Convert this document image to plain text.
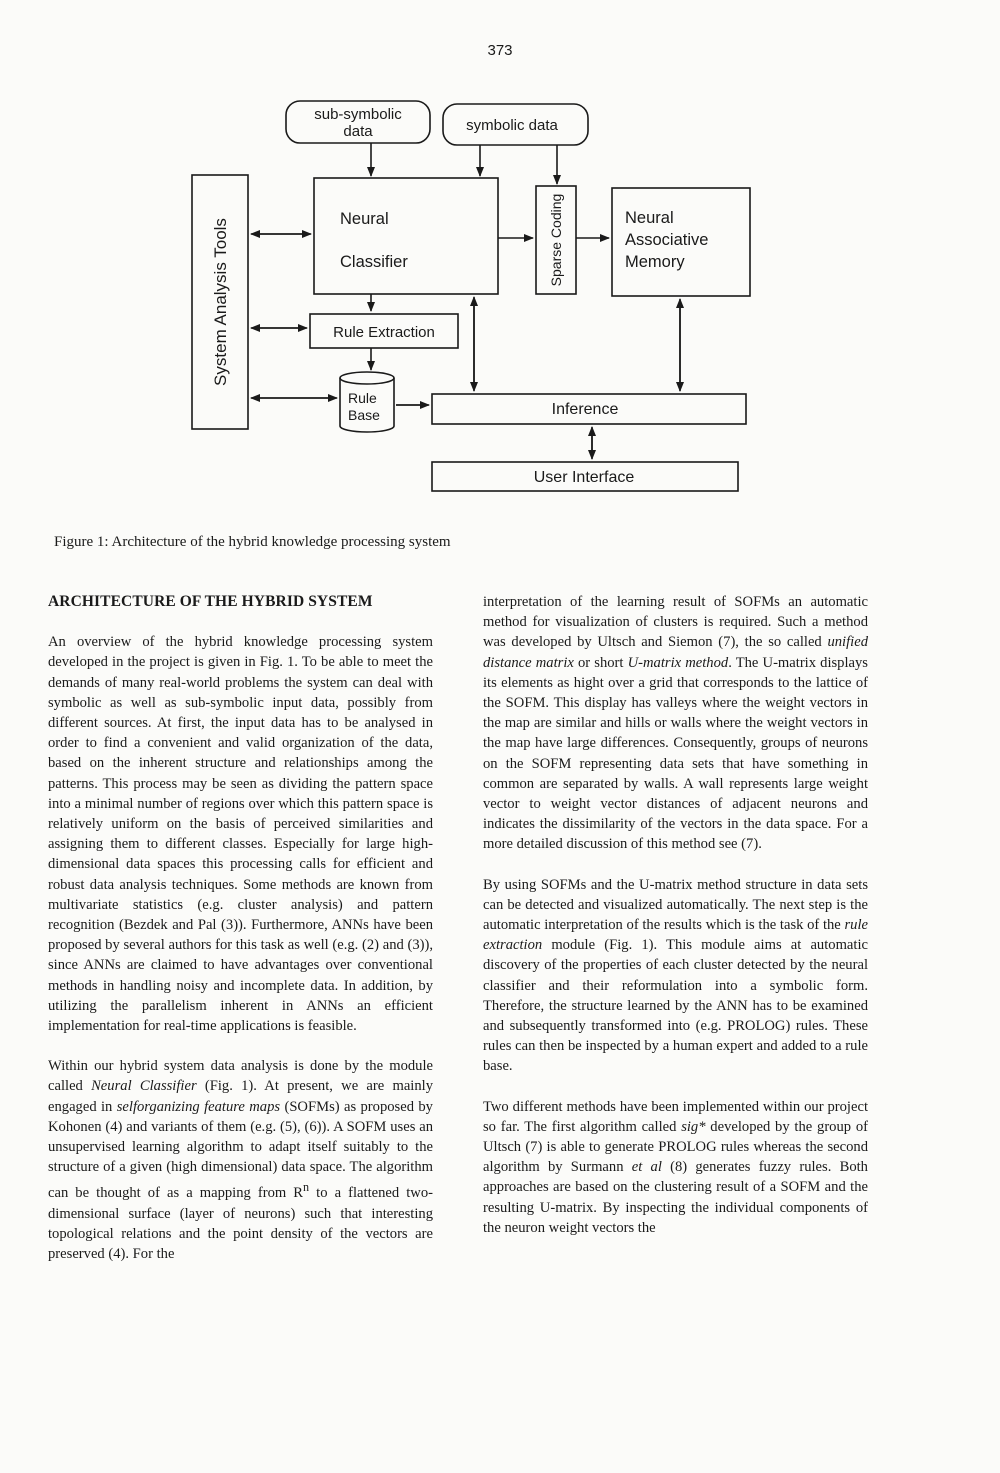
373
sub-symbolic
data	symbolic data
System Analysis Tools	Neural
Classifier	Sparse Coding	Neural
Associative
Memory
Rule Extraction
Rule
Base	Inference
User Interface
Figure 1: Architecture of the hybrid knowledge processing system
ARCHITECTURE OF THE HYBRID SYSTEM

An overview of the hybrid knowledge processing system developed in the project is given in Fig. 1. To be able to meet the demands of many real-world problems the system can deal with symbolic as well as sub-symbolic input data, possibly from different sources. At first, the input data has to be analysed in order to find a convenient and valid organization of the data, based on the inherent structure and relationships among the patterns. This process may be seen as dividing the pattern space into a minimal number of regions over which this pattern space is relatively uniform on the basis of perceived similarities and assigning them to different classes. Especially for large high-dimensional data spaces this processing calls for efficient and robust data analysis techniques. Some methods are known from multivariate statistics (e.g. cluster analysis) and pattern recognition (Bezdek and Pal (3)). Furthermore, ANNs have been proposed by several authors for this task as well (e.g. (2) and (3)), since ANNs are claimed to have advantages over conventional methods in handling noisy and incomplete data. In addition, by utilizing the parallelism inherent in ANNs an efficient implementation for real-time applications is feasible.

Within our hybrid system data analysis is done by the module called Neural Classifier (Fig. 1). At present, we are mainly engaged in selforganizing feature maps (SOFMs) as proposed by Kohonen (4) and variants of them (e.g. (5), (6)). A SOFM uses an unsupervised learning algorithm to adapt itself suitably to the structure of a given (high dimensional) data space. The algorithm can be thought of as a mapping from $R^n$ to a flattened two-dimensional surface (layer of neurons) such that interesting topological relations and the point density of the vectors are preserved (4). For the

interpretation of the learning result of SOFMs an automatic method for visualization of clusters is required. Such a method was developed by Ultsch and Siemon (7), the so called unified distance matrix or short U-matrix method. The U-matrix displays its elements as hight over a grid that corresponds to the lattice of the SOFM. This display has valleys where the weight vectors in the map are similar and hills or walls where the weight vectors in the map have large differences. Consequently, groups of neurons on the SOFM representing data sets that have something in common are separated by walls. A wall represents large weight vector to weight vector distances of adjacent neurons and indicates the dissimilarity of the vectors in the data space. For a more detailed discussion of this method see (7).

By using SOFMs and the U-matrix method structure in data sets can be detected and visualized automatically. The next step is the automatic interpretation of the results which is the task of the rule extraction module (Fig. 1). This module aims at automatic discovery of the properties of each cluster detected by the neural classifier and their reformulation into a symbolic form. Therefore, the structure learned by the ANN has to be examined and subsequently transformed into (e.g. PROLOG) rules. These rules can then be inspected by a human expert and added to a rule base.

Two different methods have been implemented within our project so far. The first algorithm called sig* developed by the group of Ultsch (7) is able to generate PROLOG rules whereas the second algorithm by Surmann et al (8) generates fuzzy rules. Both approaches are based on the clustering result of a SOFM and the resulting U-matrix. By inspecting the individual components of the neuron weight vectors the
